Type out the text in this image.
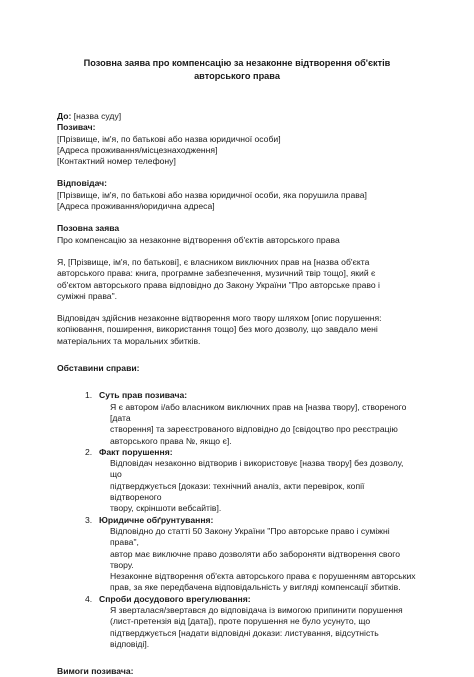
Позовна заява про компенсацію за незаконне відтворення об'єктів
авторського права
До: [назва суду]

Позивач:

[Прізвище, ім'я, по батькові або назва юридичної особи]

[Адреса проживання/місцезнаходження]

[Контактний номер телефону]

Відповідач:

[Прізвище, ім'я, по батькові або назва юридичної особи, яка порушила права]

[Адреса проживання/юридична адреса]

Позовна заява

Про компенсацію за незаконне відтворення об'єктів авторського права

Я, [Прізвище, ім'я, по батькові], є власником виключних прав на [назва об'єкта

авторського права: книга, програмне забезпечення, музичний твір тощо], який є

об'єктом авторського права відповідно до Закону України "Про авторське право і

суміжні права".

Відповідач здійснив незаконне відтворення мого твору шляхом [опис порушення:

копіювання, поширення, використання тощо] без мого дозволу, що завдало мені

матеріальних та моральних збитків.

Обставини справи:

1. Суть прав позивача:

Я є автором і/або власником виключних прав на [назва твору], створеного [дата

створення] та зареєстрованого відповідно до [свідоцтво про реєстрацію

авторського права №, якщо є].

2. Факт порушення:

Відповідач незаконно відтворив і використовує [назва твору] без дозволу, що

підтверджується [докази: технічний аналіз, акти перевірок, копії відтвореного

твору, скріншоти вебсайтів].

3. Юридичне обґрунтування:

Відповідно до статті 50 Закону України "Про авторське право і суміжні права",

автор має виключне право дозволяти або забороняти відтворення свого твору.

Незаконне відтворення об'єкта авторського права є порушенням авторських

прав, за яке передбачена відповідальність у вигляді компенсації збитків.

4. Спроби досудового врегулювання:

Я зверталася/звертався до відповідача із вимогою припинити порушення

(лист-претензія від [дата]), проте порушення не було усунуто, що

підтверджується [надати відповідні докази: листування, відсутність відповіді].

Вимоги позивача:
